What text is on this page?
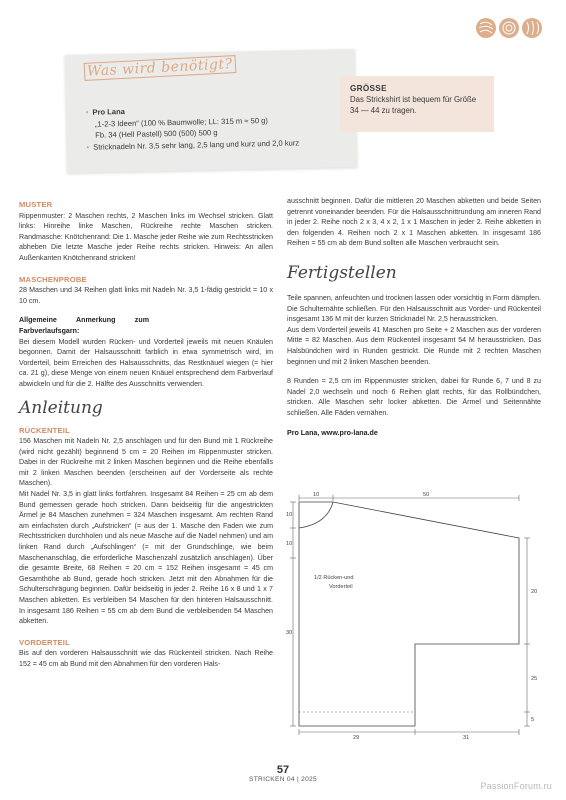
Was wird benötigt?
• Pro Lana
„1-2-3 Ideen“ (100 % Baumwolle; LL: 315 m ≈ 50 g)
Fb. 34 (Hell Pastell) 500 (500) 500 g
• Stricknadeln Nr. 3,5 sehr lang, 2,5 lang und kurz und 2,0 kurz
GRÖSSE
Das Strickshirt ist bequem für Größe 34 — 44 zu tragen.
MUSTER

Rippenmuster: 2 Maschen rechts, 2 Maschen links im Wechsel stricken. Glatt links: Hinreihe linke Maschen, Rückreihe rechte Maschen stricken. Randmasche: Knötchenrand: Die 1. Masche jeder Reihe wie zum Rechtsstricken abheben Die letzte Masche jeder Reihe rechts stricken. Hinweis: An allen Außenkanten Knötchenrand stricken!

MASCHENPROBE

28 Maschen und 34 Reihen glatt links mit Nadeln Nr. 3,5 1-fädig gestrickt = 10 x 10 cm.

Allgemeine Anmerkung zum Farbverlaufsgarn:

Bei diesem Modell wurden Rücken- und Vorderteil jeweils mit neuen Knäulen begonnen. Damit der Halsausschnitt farblich in etwa symmetrisch wird, im Vorderteil, beim Erreichen des Halsausschnitts, das Restknäuel wiegen (= hier ca. 21 g), diese Menge von einem neuen Knäuel entsprechend dem Farbverlauf abwickeln und für die 2. Hälfte des Ausschnitts verwenden.

Anleitung
RÜCKENTEIL

156 Maschen mit Nadeln Nr. 2,5 anschlagen und für den Bund mit 1 Rückreihe (wird nicht gezählt) beginnend 5 cm = 20 Reihen im Rippenmuster stricken. Dabei in der Rückreihe mit 2 linken Maschen beginnen und die Reihe ebenfalls mit 2 linken Maschen beenden (erscheinen auf der Vorderseite als rechte Maschen).

Mit Nadel Nr. 3,5 in glatt links fortfahren. Insgesamt 84 Reihen = 25 cm ab dem Bund gemessen gerade hoch stricken. Dann beidseitig für die angestrickten Ärmel je 84 Maschen zunehmen = 324 Maschen insgesamt. Am rechten Rand am einfachsten durch „Aufstricken“ (= aus der 1. Masche den Faden wie zum Rechtsstricken durchholen und als neue Masche auf die Nadel nehmen) und am linken Rand durch „Aufschlingen“ (= mit der Grundschlinge, wie beim Maschenanschlag, die erforderliche Maschenzahl zusätzlich anschlagen). Über die gesamte Breite, 68 Reihen = 20 cm = 152 Reihen insgesamt = 45 cm Gesamthöhe ab Bund, gerade hoch stricken. Jetzt mit den Abnahmen für die Schulterschrägung beginnen. Dafür beidseitig in jeder 2. Reihe 16 x 8 und 1 x 7 Maschen abketten. Es verbleiben 54 Maschen für den hinteren Halsausschnitt. In insgesamt 186 Reihen = 55 cm ab dem Bund die verbleibenden 54 Maschen abketten.

VORDERTEIL

Bis auf den vorderen Halsausschnitt wie das Rückenteil stricken. Nach Reihe 152 = 45 cm ab Bund mit den Abnahmen für den vorderen Hals-

ausschnitt beginnen. Dafür die mittleren 20 Maschen abketten und beide Seiten getrennt voneinander beenden. Für die Halsausschnittrundung am inneren Rand in jeder 2. Reihe noch 2 x 3, 4 x 2, 1 x 1 Maschen in jeder 2. Reihe abketten in den folgenden 4. Reihen noch 2 x 1 Maschen abketten. In insgesamt 186 Reihen = 55 cm ab dem Bund sollten alle Maschen verbraucht sein.

Fertigstellen

Teile spannen, anfeuchten und trocknen lassen oder vorsichtig in Form dämpfen. Die Schulternähte schließen. Für den Halsausschnitt aus Vorder- und Rückenteil insgesamt 136 M mit der kurzen Stricknadel Nr. 2,5 herausstricken.

Aus dem Vorderteil jeweils 41 Maschen pro Seite + 2 Maschen aus der vorderen Mitte = 82 Maschen. Aus dem Rückenteil insgesamt 54 M herausstricken. Das Halsbündchen wird in Runden gestrickt. Die Runde mit 2 rechten Maschen beginnen und mit 2 linken Maschen beenden.

8 Runden = 2,5 cm im Rippenmuster stricken, dabei für Runde 6, 7 und 8 zu Nadel 2,0 wechseln und noch 6 Reihen glatt rechts, für das Rollbündchen, stricken. Alle Maschen sehr locker abketten. Die Ärmel und Seitennähte schließen. Alle Fäden vernähen.

Pro Lana, www.pro-lana.de

10	50
10
10
30
20
25
5
29	31
1/2 Rücken-und
Vorderteil
57
STRICKEN 04 | 2025
PassionForum.ru
